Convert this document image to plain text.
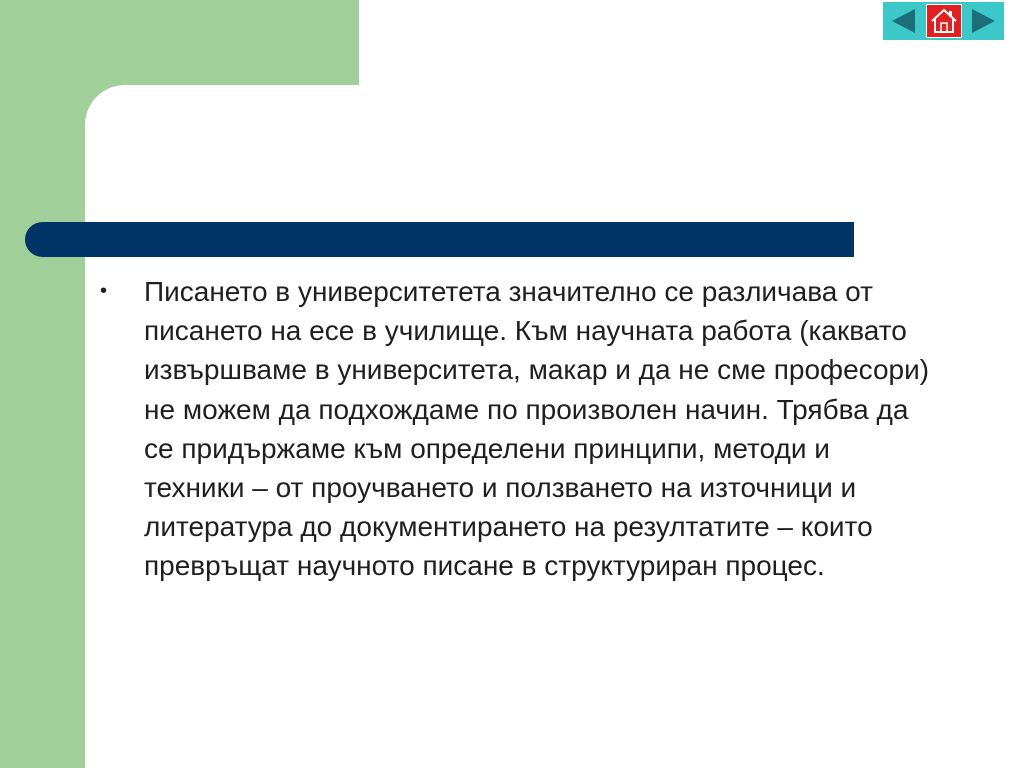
•	Писането в университетета значително се различава от писането на есе в училище. Към научната работа (каквато извършваме в университета, макар и да не сме професори) не можем да подхождаме по произволен начин. Трябва да се придържаме към определени принципи, методи и техники – от проучването и ползването на източници и литература до документирането на резултатите – които превръщат научното писане в структуриран процес.
